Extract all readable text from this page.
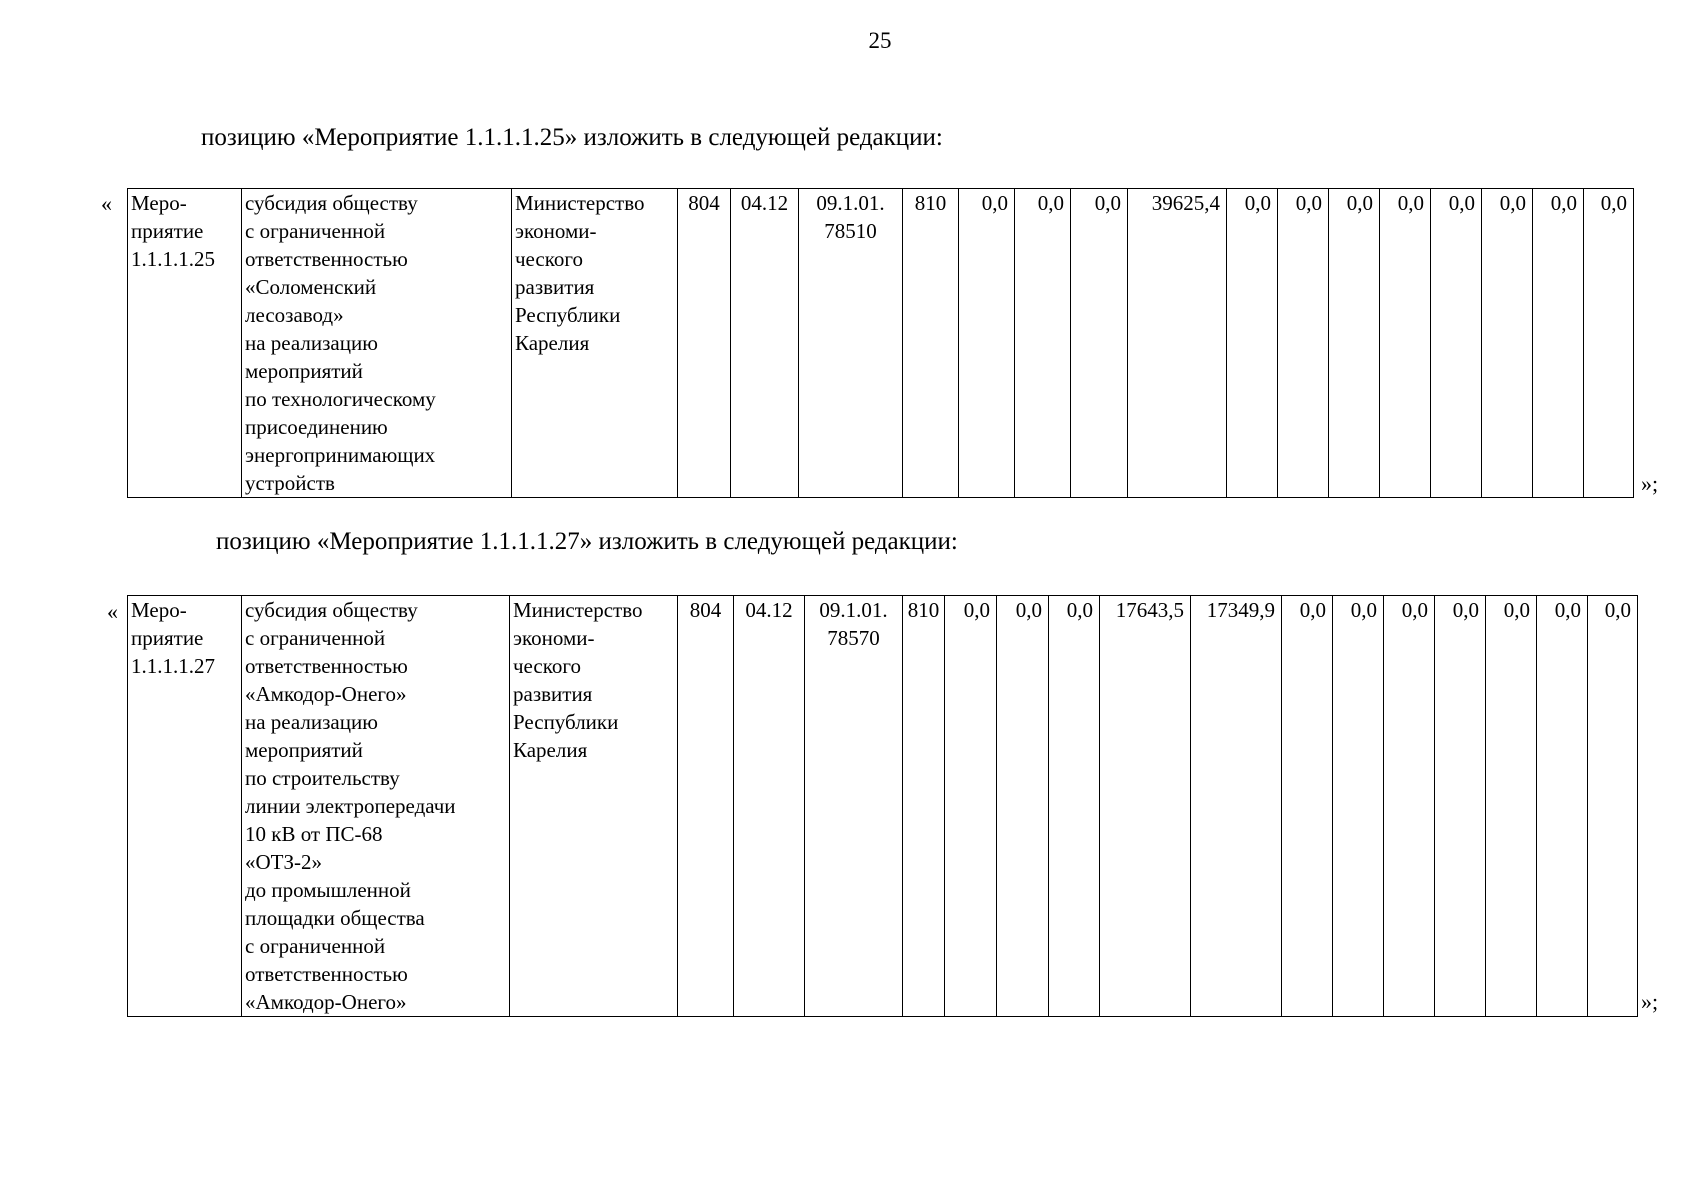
25
позицию «Мероприятие 1.1.1.1.25» изложить в следующей редакции:
« Меро-
приятие
1.1.1.1.25	субсидия обществу
с ограниченной
ответственностью
«Соломенский
лесозавод»
на реализацию
мероприятий
по технологическому
присоединению
энергопринимающих
устройств	Министерство
экономи-
ческого
развития
Республики
Карелия	804	04.12	09.1.01.
78510	810	0,0	0,0	0,0	39625,4	0,0	0,0	0,0	0,0	0,0	0,0	0,0	0,0
»;
позицию «Мероприятие 1.1.1.1.27» изложить в следующей редакции:
« Меро-
приятие
1.1.1.1.27	субсидия обществу
с ограниченной
ответственностью
«Амкодор-Онего»
на реализацию
мероприятий
по строительству
линии электропередачи
10 кВ от ПС-68
«ОТЗ-2»
до промышленной
площадки общества
с ограниченной
ответственностью
«Амкодор-Онего»	Министерство
экономи-
ческого
развития
Республики
Карелия	804	04.12	09.1.01.
78570	810	0,0	0,0	0,0	17643,5	17349,9	0,0	0,0	0,0	0,0	0,0	0,0	0,0
»;
